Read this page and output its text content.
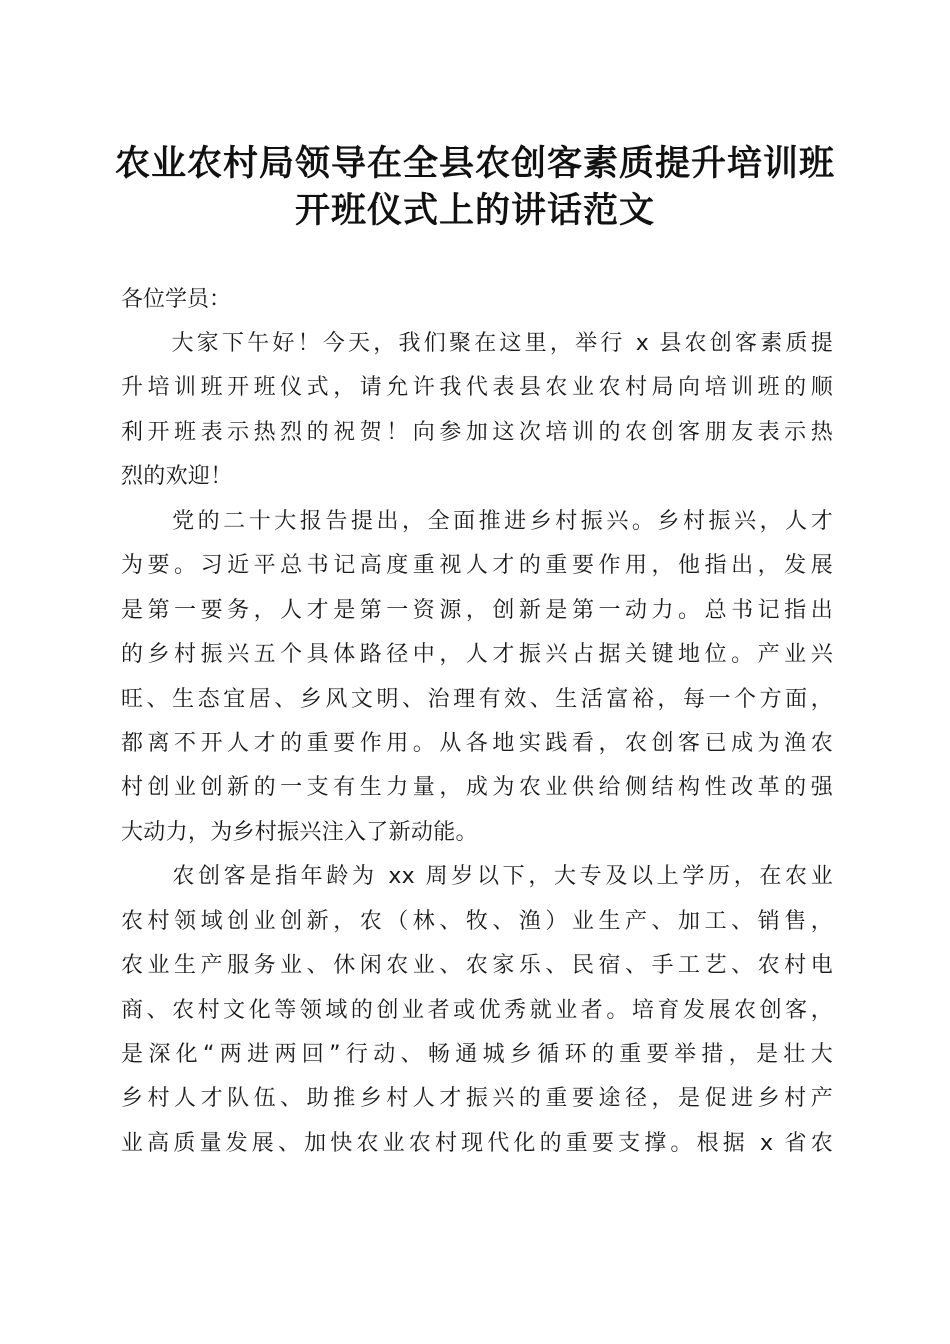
农业农村局领导在全县农创客素质提升培训班
开班仪式上的讲话范文
各位学员：
　　大家下午好！今天，我们聚在这里，举行 x 县农创客素质提
升培训班开班仪式，请允许我代表县农业农村局向培训班的顺
利开班表示热烈的祝贺！向参加这次培训的农创客朋友表示热
烈的欢迎！
　　党的二十大报告提出，全面推进乡村振兴。乡村振兴，人才
为要。习近平总书记高度重视人才的重要作用，他指出，发展
是第一要务，人才是第一资源，创新是第一动力。总书记指出
的乡村振兴五个具体路径中，人才振兴占据关键地位。产业兴
旺、生态宜居、乡风文明、治理有效、生活富裕，每一个方面，
都离不开人才的重要作用。从各地实践看，农创客已成为渔农
村创业创新的一支有生力量，成为农业供给侧结构性改革的强
大动力，为乡村振兴注入了新动能。
　　农创客是指年龄为 xx 周岁以下，大专及以上学历，在农业
农村领域创业创新，农（林、牧、渔）业生产、加工、销售，
农业生产服务业、休闲农业、农家乐、民宿、手工艺、农村电
商、农村文化等领域的创业者或优秀就业者。培育发展农创客，
是深化“两进两回”行动、畅通城乡循环的重要举措，是壮大
乡村人才队伍、助推乡村人才振兴的重要途径，是促进乡村产
业高质量发展、加快农业农村现代化的重要支撑。根据 x 省农
